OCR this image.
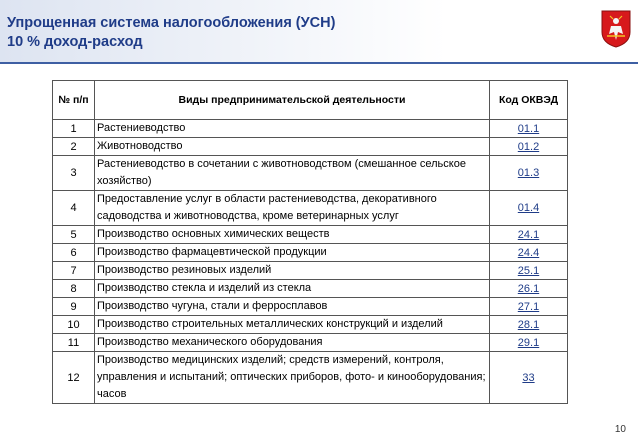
Упрощенная система налогообложения (УСН)
10 % доход-расход
№ п/п	Виды предпринимательской деятельности	Код ОКВЭД
1	Растениеводство	01.1
2	Животноводство	01.2
3	Растениеводство в сочетании с животноводством (смешанное сельское хозяйство)	01.3
4	Предоставление услуг в области растениеводства, декоративного садоводства и животноводства, кроме ветеринарных услуг	01.4
5	Производство основных химических веществ	24.1
6	Производство фармацевтической продукции	24.4
7	Производство резиновых изделий	25.1
8	Производство стекла и изделий из стекла	26.1
9	Производство чугуна, стали и ферросплавов	27.1
10	Производство строительных металлических конструкций и изделий	28.1
11	Производство механического оборудования	29.1
12	Производство медицинских изделий; средств измерений, контроля, управления и испытаний; оптических приборов, фото- и кинооборудования; часов	33
10
